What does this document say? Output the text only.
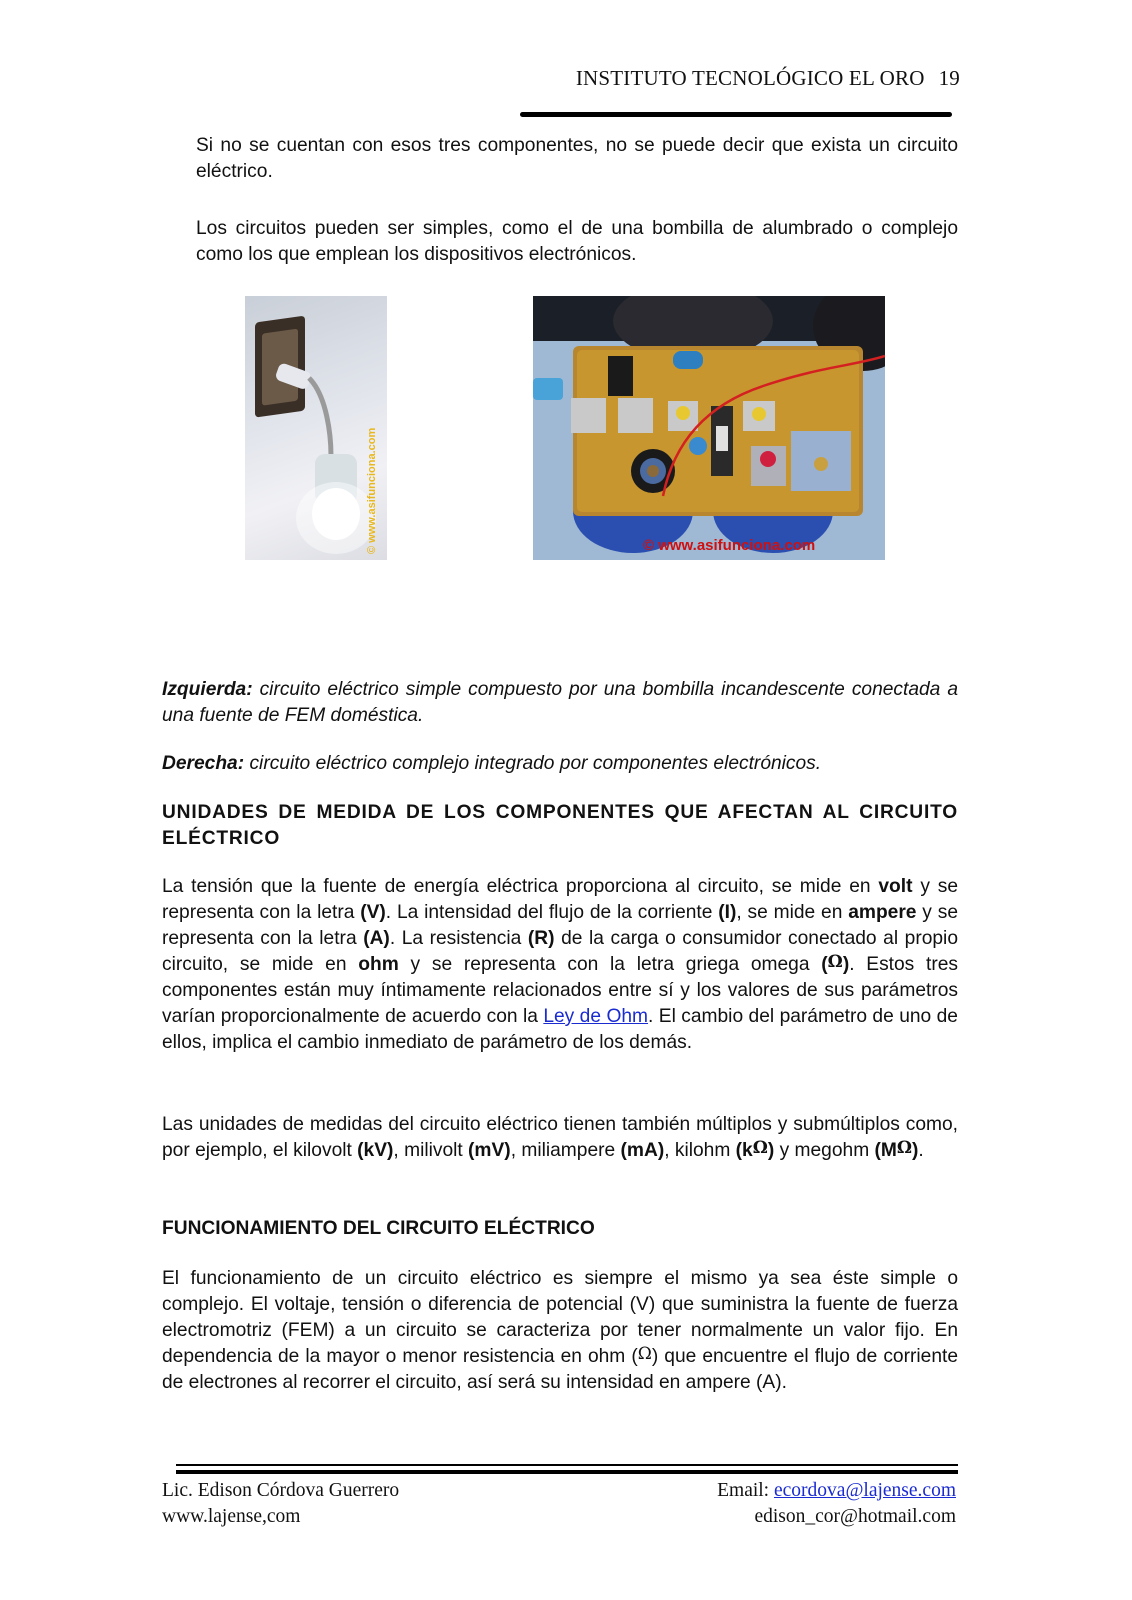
INSTITUTO TECNOLÓGICO EL ORO 19

Si no se cuentan con esos tres componentes, no se puede decir que exista un circuito eléctrico.

Los circuitos pueden ser simples, como el de una bombilla de alumbrado o complejo como los que emplean los dispositivos electrónicos.

© www.asifunciona.com	© www.asifunciona.com

Izquierda: circuito eléctrico simple compuesto por una bombilla incandescente conectada a una fuente de FEM doméstica.

Derecha: circuito eléctrico complejo integrado por componentes electrónicos.

UNIDADES DE MEDIDA DE LOS COMPONENTES QUE AFECTAN AL CIRCUITO ELÉCTRICO

La tensión que la fuente de energía eléctrica proporciona al circuito, se mide en volt y se representa con la letra (V). La intensidad del flujo de la corriente (I), se mide en ampere y se representa con la letra (A). La resistencia (R) de la carga o consumidor conectado al propio circuito, se mide en ohm y se representa con la letra griega omega (Ω). Estos tres componentes están muy íntimamente relacionados entre sí y los valores de sus parámetros varían proporcionalmente de acuerdo con la Ley de Ohm. El cambio del parámetro de uno de ellos, implica el cambio inmediato de parámetro de los demás.

Las unidades de medidas del circuito eléctrico tienen también múltiplos y submúltiplos como, por ejemplo, el kilovolt (kV), milivolt (mV), miliampere (mA), kilohm (kΩ) y megohm (MΩ).

FUNCIONAMIENTO DEL CIRCUITO ELÉCTRICO

El funcionamiento de un circuito eléctrico es siempre el mismo ya sea éste simple o complejo. El voltaje, tensión o diferencia de potencial (V) que suministra la fuente de fuerza electromotriz (FEM) a un circuito se caracteriza por tener normalmente un valor fijo. En dependencia de la mayor o menor resistencia en ohm (Ω) que encuentre el flujo de corriente de electrones al recorrer el circuito, así será su intensidad en ampere (A).

Lic. Edison Córdova Guerrero
www.lajense,com
Email: ecordova@lajense.com
edison_cor@hotmail.com
